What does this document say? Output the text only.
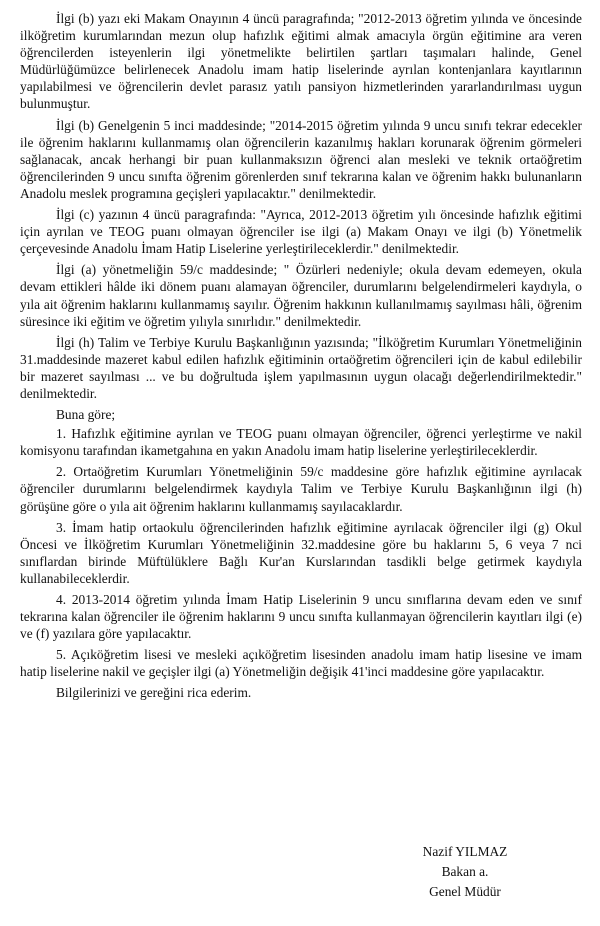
İlgi (b) yazı eki Makam Onayının 4 üncü paragrafında; "2012-2013 öğretim yılında ve öncesinde ilköğretim kurumlarından mezun olup hafızlık eğitimi almak amacıyla örgün eğitimine ara veren öğrencilerden isteyenlerin ilgi yönetmelikte belirtilen şartları taşımaları halinde, Genel Müdürlüğümüzce belirlenecek Anadolu imam hatip liselerinde ayrılan kontenjanlara kayıtlarının yapılabilmesi ve öğrencilerin devlet parasız yatılı pansiyon hizmetlerinden yararlandırılması uygun bulunmuştur.

İlgi (b) Genelgenin 5 inci maddesinde; "2014-2015 öğretim yılında 9 uncu sınıfı tekrar edecekler ile öğrenim haklarını kullanmamış olan öğrencilerin kazanılmış hakları korunarak öğrenim görmeleri sağlanacak, ancak herhangi bir puan kullanmaksızın öğrenci alan mesleki ve teknik ortaöğretim öğrencilerinden 9 uncu sınıfta öğrenim görenlerden sınıf tekrarına kalan ve öğrenim hakkı bulunanların Anadolu meslek programına geçişleri yapılacaktır." denilmektedir.

İlgi (c) yazının 4 üncü paragrafında: "Ayrıca, 2012-2013 öğretim yılı öncesinde hafızlık eğitimi için ayrılan ve TEOG puanı olmayan öğrenciler ise ilgi (a) Makam Onayı ve ilgi (b) Yönetmelik çerçevesinde Anadolu İmam Hatip Liselerine yerleştirileceklerdir." denilmektedir.

İlgi (a) yönetmeliğin 59/c maddesinde; " Özürleri nedeniyle; okula devam edemeyen, okula devam ettikleri hâlde iki dönem puanı alamayan öğrenciler, durumlarını belgelendirmeleri kaydıyla, o yıla ait öğrenim haklarını kullanmamış sayılır. Öğrenim hakkının kullanılmamış sayılması hâli, öğrenim süresince iki eğitim ve öğretim yılıyla sınırlıdır." denilmektedir.

İlgi (h) Talim ve Terbiye Kurulu Başkanlığının yazısında; "İlköğretim Kurumları Yönetmeliğinin 31.maddesinde mazeret kabul edilen hafızlık eğitiminin ortaöğretim öğrencileri için de kabul edilebilir bir mazeret sayılması ... ve bu doğrultuda işlem yapılmasının uygun olacağı değerlendirilmektedir." denilmektedir.

Buna göre;

1. Hafızlık eğitimine ayrılan ve TEOG puanı olmayan öğrenciler, öğrenci yerleştirme ve nakil komisyonu tarafından ikametgahına en yakın Anadolu imam hatip liselerine yerleştirileceklerdir.

2. Ortaöğretim Kurumları Yönetmeliğinin 59/c maddesine göre hafızlık eğitimine ayrılacak öğrenciler durumlarını belgelendirmek kaydıyla Talim ve Terbiye Kurulu Başkanlığının ilgi (h) görüşüne göre o yıla ait öğrenim haklarını kullanmamış sayılacaklardır.

3. İmam hatip ortaokulu öğrencilerinden hafızlık eğitimine ayrılacak öğrenciler ilgi (g) Okul Öncesi ve İlköğretim Kurumları Yönetmeliğinin 32.maddesine göre bu haklarını 5, 6 veya 7 nci sınıflardan birinde Müftülüklere Bağlı Kur'an Kurslarından tasdikli belge getirmek kaydıyla kullanabileceklerdir.

4. 2013-2014 öğretim yılında İmam Hatip Liselerinin 9 uncu sınıflarına devam eden ve sınıf tekrarına kalan öğrenciler ile öğrenim haklarını 9 uncu sınıfta kullanmayan öğrencilerin kayıtları ilgi (e) ve (f) yazılara göre yapılacaktır.

5. Açıköğretim lisesi ve mesleki açıköğretim lisesinden anadolu imam hatip lisesine ve imam hatip liselerine nakil ve geçişler ilgi (a) Yönetmeliğin değişik 41'inci maddesine göre yapılacaktır.

Bilgilerinizi ve gereğini rica ederim.

Nazif YILMAZ
Bakan a.
Genel Müdür
